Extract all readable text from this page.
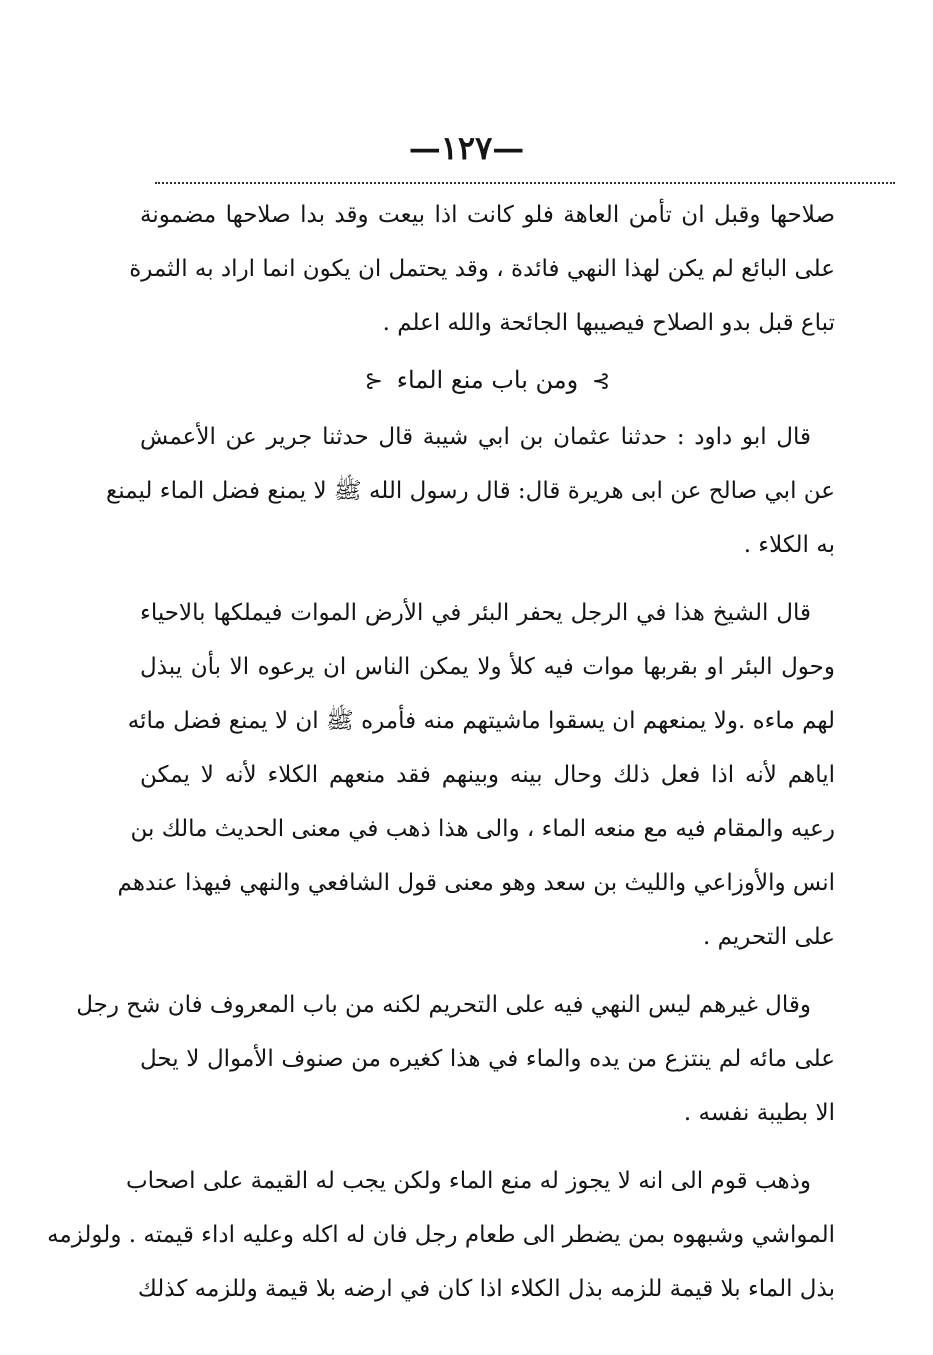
—١٢٧—
صلاحها وقبل ان تأمن العاهة فلو كانت اذا بيعت وقد بدا صلاحها مضمونة
على البائع لم يكن لهذا النهي فائدة ، وقد يحتمل ان يكون انما اراد به الثمرة
تباع قبل بدو الصلاح فيصيبها الجائحة والله اعلم .
⊱ ومن باب منع الماء ⊰
قال ابو داود : حدثنا عثمان بن ابي شيبة قال حدثنا جرير عن الأعمش
عن ابي صالح عن ابى هريرة قال: قال رسول الله ﷺ لا يمنع فضل الماء ليمنع
به الكلاء .
قال الشيخ هذا في الرجل يحفر البئر في الأرض الموات فيملكها بالاحياء
وحول البئر او بقربها موات فيه كلأ ولا يمكن الناس ان يرعوه الا بأن يبذل
لهم ماءه .ولا يمنعهم ان يسقوا ماشيتهم منه فأمره ﷺ ان لا يمنع فضل مائه
اياهم لأنه اذا فعل ذلك وحال بينه وبينهم فقد منعهم الكلاء لأنه لا يمكن
رعيه والمقام فيه مع منعه الماء ، والى هذا ذهب في معنى الحديث مالك بن
انس والأوزاعي والليث بن سعد وهو معنى قول الشافعي والنهي فيهذا عندهم
على التحريم .
وقال غيرهم ليس النهي فيه على التحريم لكنه من باب المعروف فان شح رجل
على مائه لم ينتزع من يده والماء في هذا كغيره من صنوف الأموال لا يحل
الا بطيبة نفسه .
وذهب قوم الى انه لا يجوز له منع الماء ولكن يجب له القيمة على اصحاب
المواشي وشبهوه بمن يضطر الى طعام رجل فان له اكله وعليه اداء قيمته . ولولزمه
بذل الماء بلا قيمة للزمه بذل الكلاء اذا كان في ارضه بلا قيمة وللزمه كذلك
